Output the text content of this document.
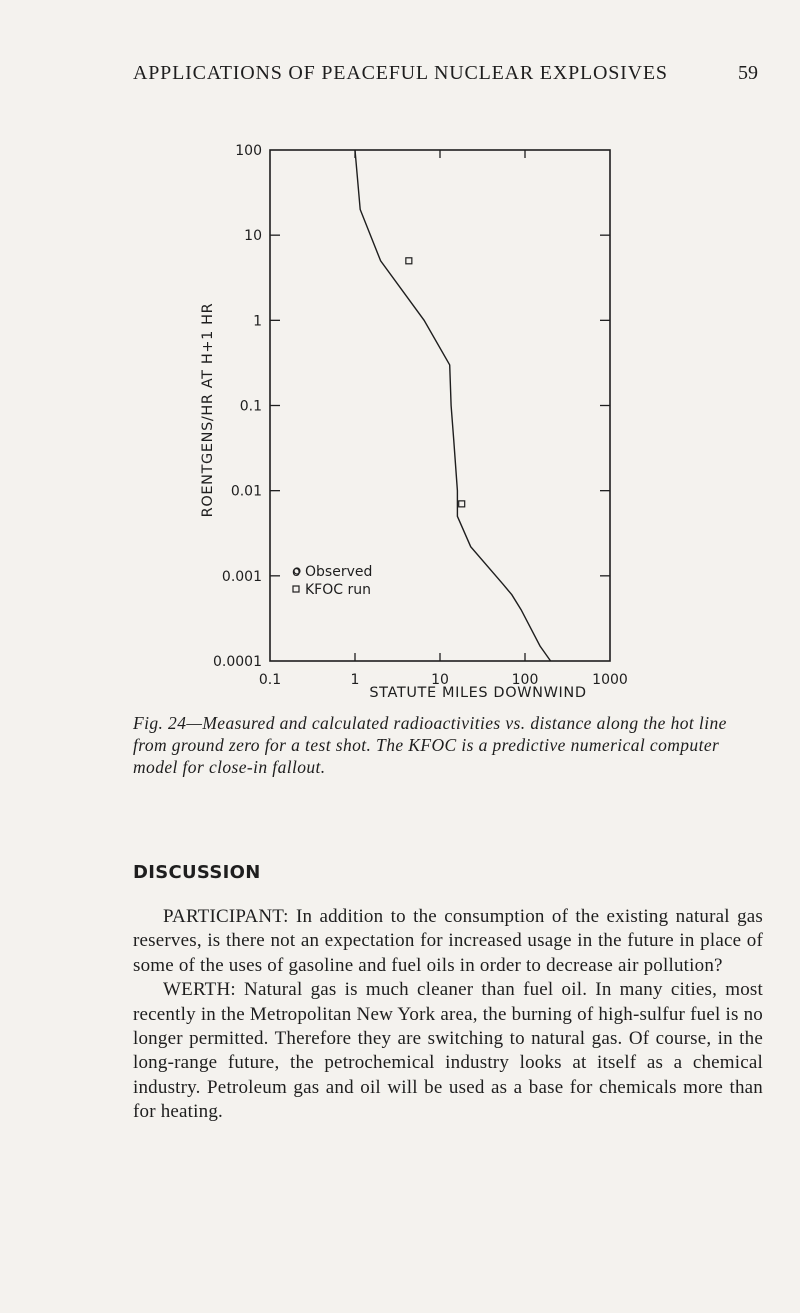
APPLICATIONS OF PEACEFUL NUCLEAR EXPLOSIVES	59
0.1	1	10	100	1000
100
10
1
0.1
0.01
0.001
0.0001
STATUTE MILES DOWNWIND
ROENTGENS/HR AT H+1 HR
o Observed
KFOC run

Fig. 24—Measured and calculated radioactivities vs. distance along the hot line from ground zero for a test shot. The KFOC is a predictive numerical computer model for close-in fallout.

DISCUSSION

PARTICIPANT: In addition to the consumption of the existing natural gas reserves, is there not an expectation for increased usage in the future in place of some of the uses of gasoline and fuel oils in order to decrease air pollution?

WERTH: Natural gas is much cleaner than fuel oil. In many cities, most recently in the Metropolitan New York area, the burning of high-sulfur fuel is no longer permitted. Therefore they are switching to natural gas. Of course, in the long-range future, the petrochemical industry looks at itself as a chemical industry. Petroleum gas and oil will be used as a base for chemicals more than for heating.
